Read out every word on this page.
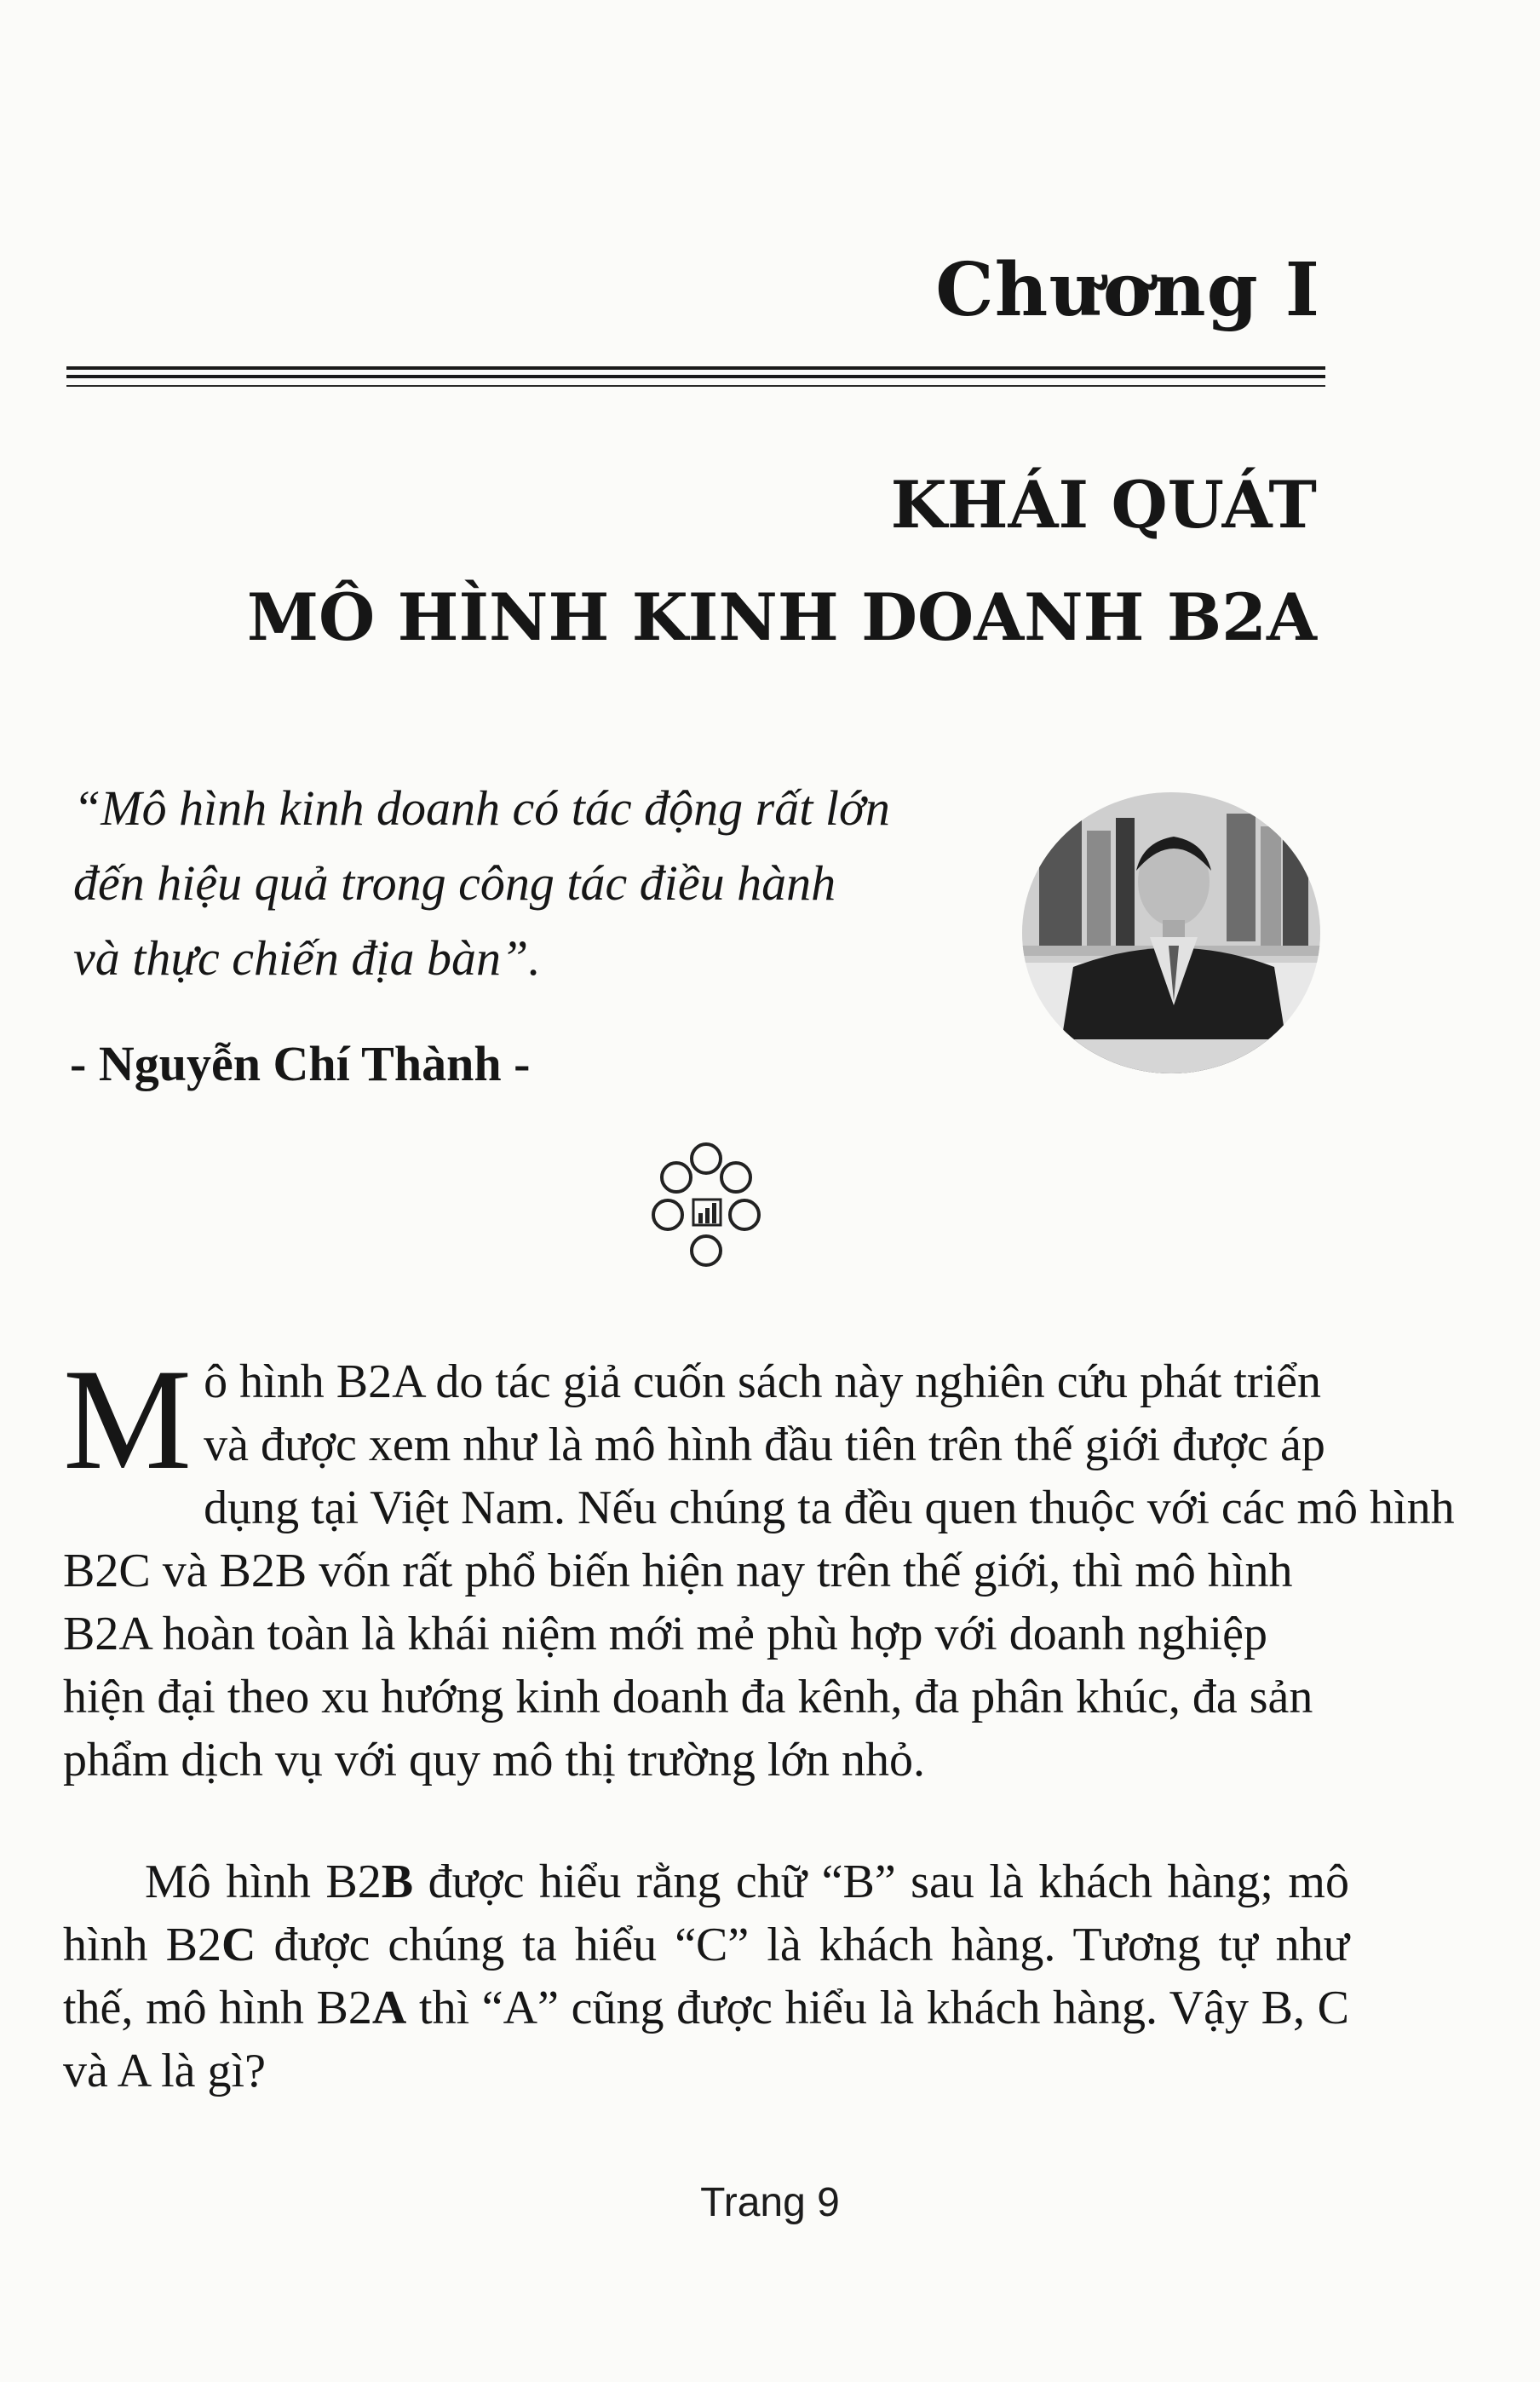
Chương I
KHÁI QUÁT
MÔ HÌNH KINH DOANH B2A
“Mô hình kinh doanh có tác động rất lớn
đến hiệu quả trong công tác điều hành
và thực chiến địa bàn”.
- Nguyễn Chí Thành -
M ô hình B2A do tác giả cuốn sách này nghiên cứu phát triển
và được xem như là mô hình đầu tiên trên thế giới được áp
dụng tại Việt Nam. Nếu chúng ta đều quen thuộc với các mô hình
B2C và B2B vốn rất phổ biến hiện nay trên thế giới, thì mô hình
B2A hoàn toàn là khái niệm mới mẻ phù hợp với doanh nghiệp
hiện đại theo xu hướng kinh doanh đa kênh, đa phân khúc, đa sản
phẩm dịch vụ với quy mô thị trường lớn nhỏ.
Mô hình B2B được hiểu rằng chữ “B” sau là khách hàng; mô hình B2C được chúng ta hiểu “C” là khách hàng. Tương tự như thế, mô hình B2A thì “A” cũng được hiểu là khách hàng. Vậy B, C và A là gì?
Trang 9
